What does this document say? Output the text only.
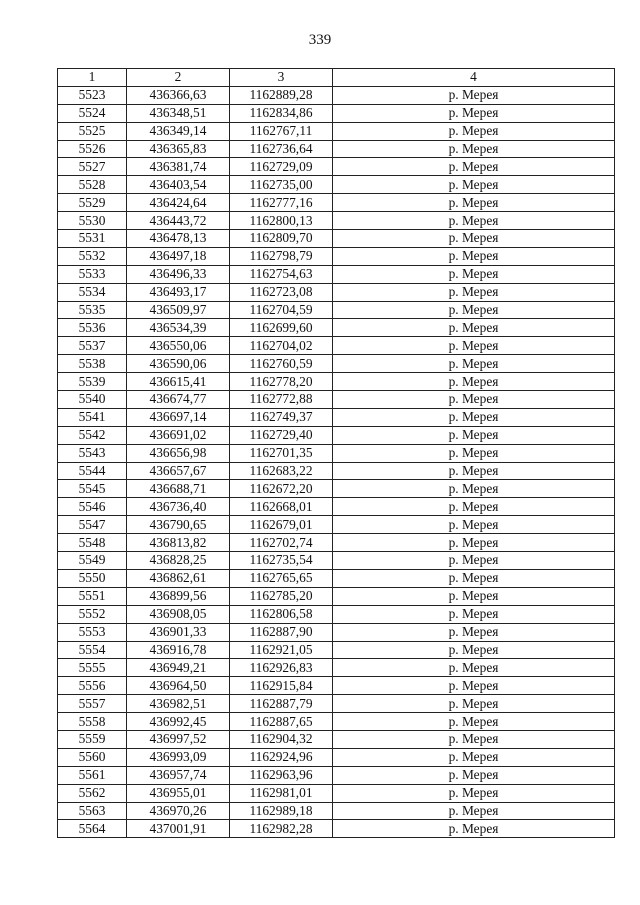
339
1	2	3	4
5523	436366,63	1162889,28	р. Мерея
5524	436348,51	1162834,86	р. Мерея
5525	436349,14	1162767,11	р. Мерея
5526	436365,83	1162736,64	р. Мерея
5527	436381,74	1162729,09	р. Мерея
5528	436403,54	1162735,00	р. Мерея
5529	436424,64	1162777,16	р. Мерея
5530	436443,72	1162800,13	р. Мерея
5531	436478,13	1162809,70	р. Мерея
5532	436497,18	1162798,79	р. Мерея
5533	436496,33	1162754,63	р. Мерея
5534	436493,17	1162723,08	р. Мерея
5535	436509,97	1162704,59	р. Мерея
5536	436534,39	1162699,60	р. Мерея
5537	436550,06	1162704,02	р. Мерея
5538	436590,06	1162760,59	р. Мерея
5539	436615,41	1162778,20	р. Мерея
5540	436674,77	1162772,88	р. Мерея
5541	436697,14	1162749,37	р. Мерея
5542	436691,02	1162729,40	р. Мерея
5543	436656,98	1162701,35	р. Мерея
5544	436657,67	1162683,22	р. Мерея
5545	436688,71	1162672,20	р. Мерея
5546	436736,40	1162668,01	р. Мерея
5547	436790,65	1162679,01	р. Мерея
5548	436813,82	1162702,74	р. Мерея
5549	436828,25	1162735,54	р. Мерея
5550	436862,61	1162765,65	р. Мерея
5551	436899,56	1162785,20	р. Мерея
5552	436908,05	1162806,58	р. Мерея
5553	436901,33	1162887,90	р. Мерея
5554	436916,78	1162921,05	р. Мерея
5555	436949,21	1162926,83	р. Мерея
5556	436964,50	1162915,84	р. Мерея
5557	436982,51	1162887,79	р. Мерея
5558	436992,45	1162887,65	р. Мерея
5559	436997,52	1162904,32	р. Мерея
5560	436993,09	1162924,96	р. Мерея
5561	436957,74	1162963,96	р. Мерея
5562	436955,01	1162981,01	р. Мерея
5563	436970,26	1162989,18	р. Мерея
5564	437001,91	1162982,28	р. Мерея
